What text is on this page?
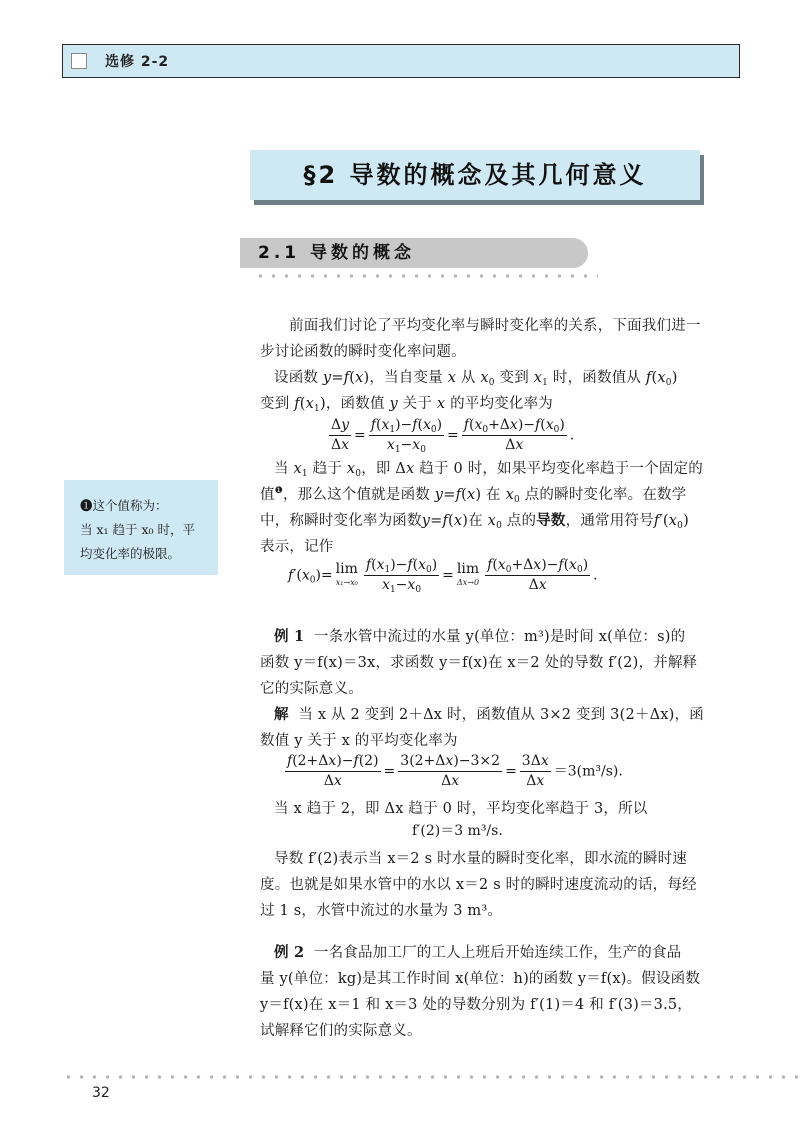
选修 2-2
§2 导数的概念及其几何意义
2.1 导数的概念
前面我们讨论了平均变化率与瞬时变化率的关系，下面我们进一
步讨论函数的瞬时变化率问题。
设函数 y=f(x)，当自变量 x 从 $x_0$ 变到 $x_1$ 时，函数值从 $f(x_0)$
变到 $f(x_1)$，函数值 y 关于 x 的平均变化率为
$\frac{\Delta y}{\Delta x} = \frac{f(x_1)-f(x_0)}{x_1-x_0} = \frac{f(x_0+\Delta x)-f(x_0)}{\Delta x}$ .
当 $x_1$ 趋于 $x_0$，即 Δx 趋于 0 时，如果平均变化率趋于一个固定的
值$^❶$，那么这个值就是函数 y=f(x) 在 $x_0$ 点的瞬时变化率。在数学
中，称瞬时变化率为函数y=f(x)在 $x_0$ 点的导数，通常用符号$f'(x_0)$
表示，记作
$f'(x_0)= \lim$
$x_1\to x_0 \frac{f(x_1)-f(x_0)}{x_1-x_0} = \lim$
$\Delta x\to 0 \frac{f(x_0+\Delta x)-f(x_0)}{\Delta x}$ .
❶这个值称为：
当 x₁ 趋于 x₀ 时，平
均变化率的极限。
例 1 一条水管中流过的水量 y(单位：m³)是时间 x(单位：s)的
函数 y＝f(x)＝3x，求函数 y＝f(x)在 x＝2 处的导数 f′(2)，并解释
它的实际意义。
解 当 x 从 2 变到 2＋Δx 时，函数值从 3×2 变到 3(2＋Δx)，函
数值 y 关于 x 的平均变化率为
$\frac{f(2+\Delta x)-f(2)}{\Delta x} = \frac{3(2+\Delta x)-3\times 2}{\Delta x} = \frac{3\Delta x}{\Delta x} =3(m^3/s)$.
当 x 趋于 2，即 Δx 趋于 0 时，平均变化率趋于 3，所以
f′(2)＝3 m³/s.
导数 f′(2)表示当 x＝2 s 时水量的瞬时变化率，即水流的瞬时速
度。也就是如果水管中的水以 x＝2 s 时的瞬时速度流动的话，每经
过 1 s，水管中流过的水量为 3 m³。
例 2 一名食品加工厂的工人上班后开始连续工作，生产的食品
量 y(单位：kg)是其工作时间 x(单位：h)的函数 y＝f(x)。假设函数
y＝f(x)在 x＝1 和 x＝3 处的导数分别为 f′(1)＝4 和 f′(3)＝3.5，
试解释它们的实际意义。
32
